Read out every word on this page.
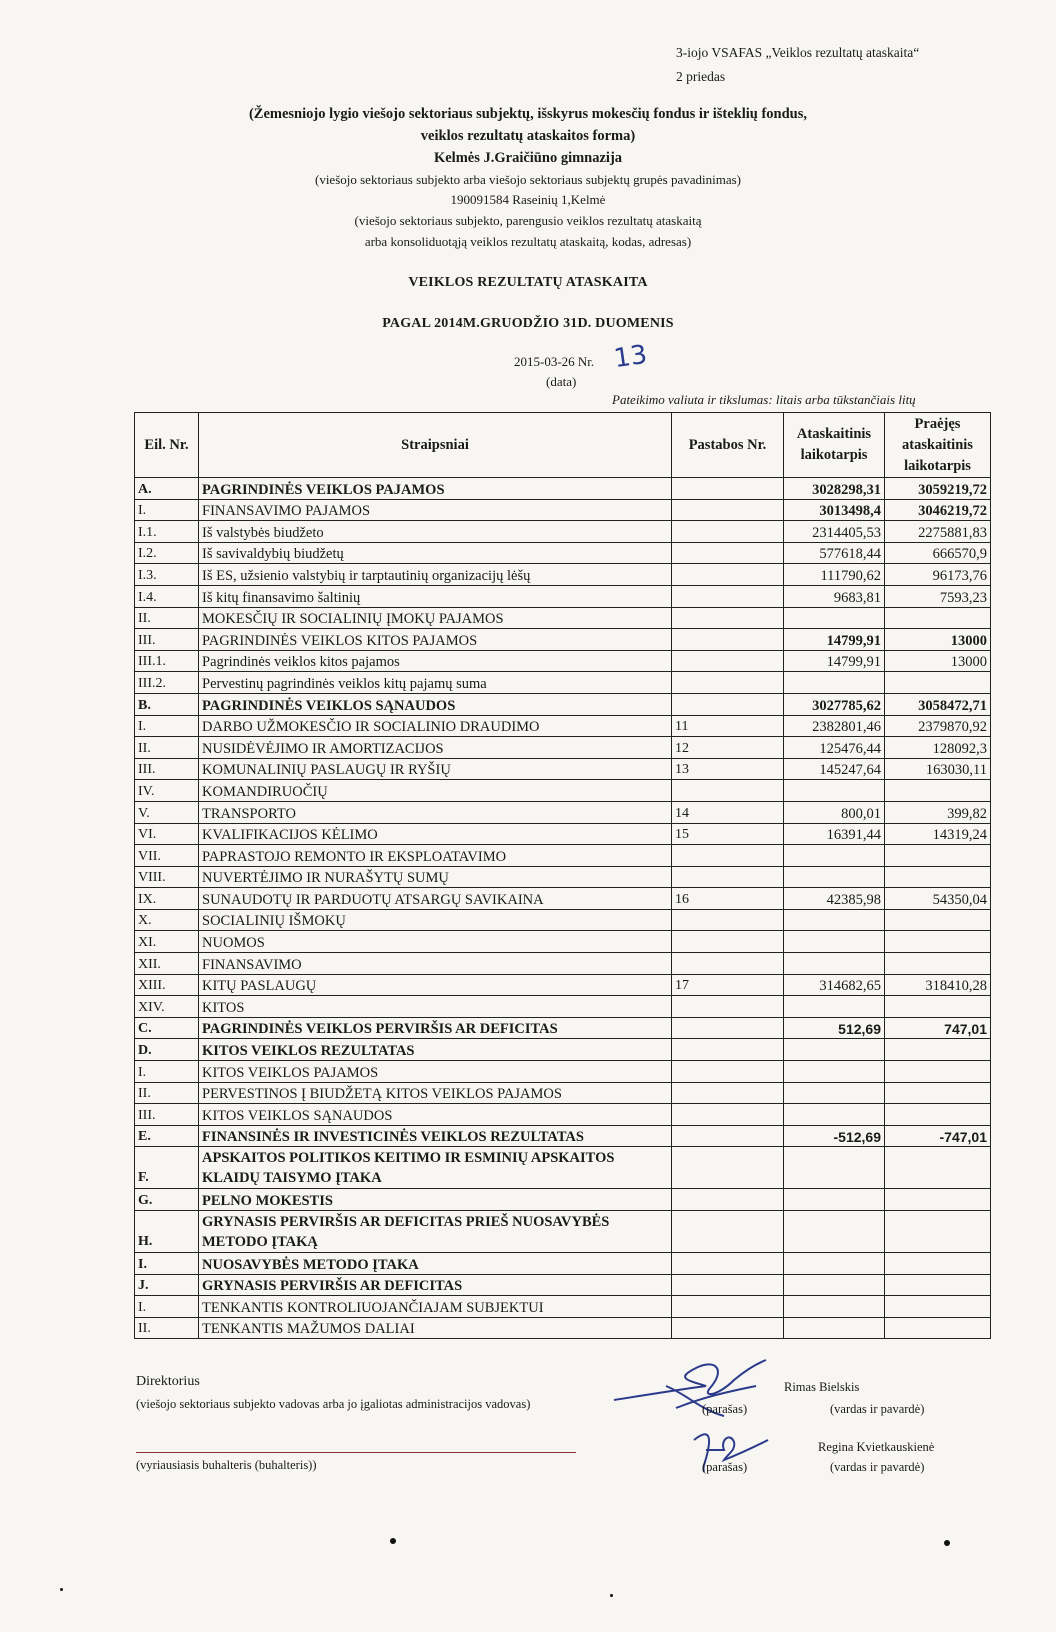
3-iojo VSAFAS „Veiklos rezultatų ataskaita“
2 priedas
(Žemesniojo lygio viešojo sektoriaus subjektų, išskyrus mokesčių fondus ir išteklių fondus,
veiklos rezultatų ataskaitos forma)
Kelmės J.Graičiūno gimnazija
(viešojo sektoriaus subjekto arba viešojo sektoriaus subjektų grupės pavadinimas)
190091584 Raseinių 1,Kelmė
(viešojo sektoriaus subjekto, parengusio veiklos rezultatų ataskaitą
arba konsoliduotąją veiklos rezultatų ataskaitą, kodas, adresas)
VEIKLOS REZULTATŲ ATASKAITA
PAGAL 2014M.GRUODŽIO 31D. DUOMENIS
2015-03-26 Nr. 13
(data)
Pateikimo valiuta ir tikslumas: litais arba tūkstančiais litų
Eil. Nr.	Straipsniai	Pastabos Nr.	Ataskaitinis laikotarpis	Praėjęs ataskaitinis laikotarpis
A.	PAGRINDINĖS VEIKLOS PAJAMOS		3028298,31	3059219,72
I.	FINANSAVIMO PAJAMOS		3013498,4	3046219,72
I.1.	Iš valstybės biudžeto		2314405,53	2275881,83
I.2.	Iš savivaldybių biudžetų		577618,44	666570,9
I.3.	Iš ES, užsienio valstybių ir tarptautinių organizacijų lėšų		111790,62	96173,76
I.4.	Iš kitų finansavimo šaltinių		9683,81	7593,23
II.	MOKESČIŲ IR SOCIALINIŲ ĮMOKŲ PAJAMOS			
III.	PAGRINDINĖS VEIKLOS KITOS PAJAMOS		14799,91	13000
III.1.	Pagrindinės veiklos kitos pajamos		14799,91	13000
III.2.	Pervestinų pagrindinės veiklos kitų pajamų suma			
B.	PAGRINDINĖS VEIKLOS SĄNAUDOS		3027785,62	3058472,71
I.	DARBO UŽMOKESČIO IR SOCIALINIO DRAUDIMO	11	2382801,46	2379870,92
II.	NUSIDĖVĖJIMO IR AMORTIZACIJOS	12	125476,44	128092,3
III.	KOMUNALINIŲ PASLAUGŲ IR RYŠIŲ	13	145247,64	163030,11
IV.	KOMANDIRUOČIŲ			
V.	TRANSPORTO	14	800,01	399,82
VI.	KVALIFIKACIJOS KĖLIMO	15	16391,44	14319,24
VII.	PAPRASTOJO REMONTO IR EKSPLOATAVIMO			
VIII.	NUVERTĖJIMO IR NURAŠYTŲ SUMŲ			
IX.	SUNAUDOTŲ IR PARDUOTŲ ATSARGŲ SAVIKAINA	16	42385,98	54350,04
X.	SOCIALINIŲ IŠMOKŲ			
XI.	NUOMOS			
XII.	FINANSAVIMO			
XIII.	KITŲ PASLAUGŲ	17	314682,65	318410,28
XIV.	KITOS			
C.	PAGRINDINĖS VEIKLOS PERVIRŠIS AR DEFICITAS		512,69	747,01
D.	KITOS VEIKLOS REZULTATAS			
I.	KITOS VEIKLOS PAJAMOS			
II.	PERVESTINOS Į BIUDŽETĄ KITOS VEIKLOS PAJAMOS			
III.	KITOS VEIKLOS SĄNAUDOS			
E.	FINANSINĖS IR INVESTICINĖS VEIKLOS REZULTATAS		-512,69	-747,01
F.	APSKAITOS POLITIKOS KEITIMO IR ESMINIŲ APSKAITOS KLAIDŲ TAISYMO ĮTAKA			
G.	PELNO MOKESTIS			
H.	GRYNASIS PERVIRŠIS AR DEFICITAS PRIEŠ NUOSAVYBĖS METODO ĮTAKĄ			
I.	NUOSAVYBĖS METODO ĮTAKA			
J.	GRYNASIS PERVIRŠIS AR DEFICITAS			
I.	TENKANTIS KONTROLIUOJANČIAJAM SUBJEKTUI			
II.	TENKANTIS MAŽUMOS DALIAI			
Direktorius
(viešojo sektoriaus subjekto vadovas arba jo įgaliotas administracijos vadovas)	(parašas)
Rimas Bielskis
(vardas ir pavardė)
(vyriausiasis buhalteris (buhalteris))	(parašas)
Regina Kvietkauskienė
(vardas ir pavardė)
